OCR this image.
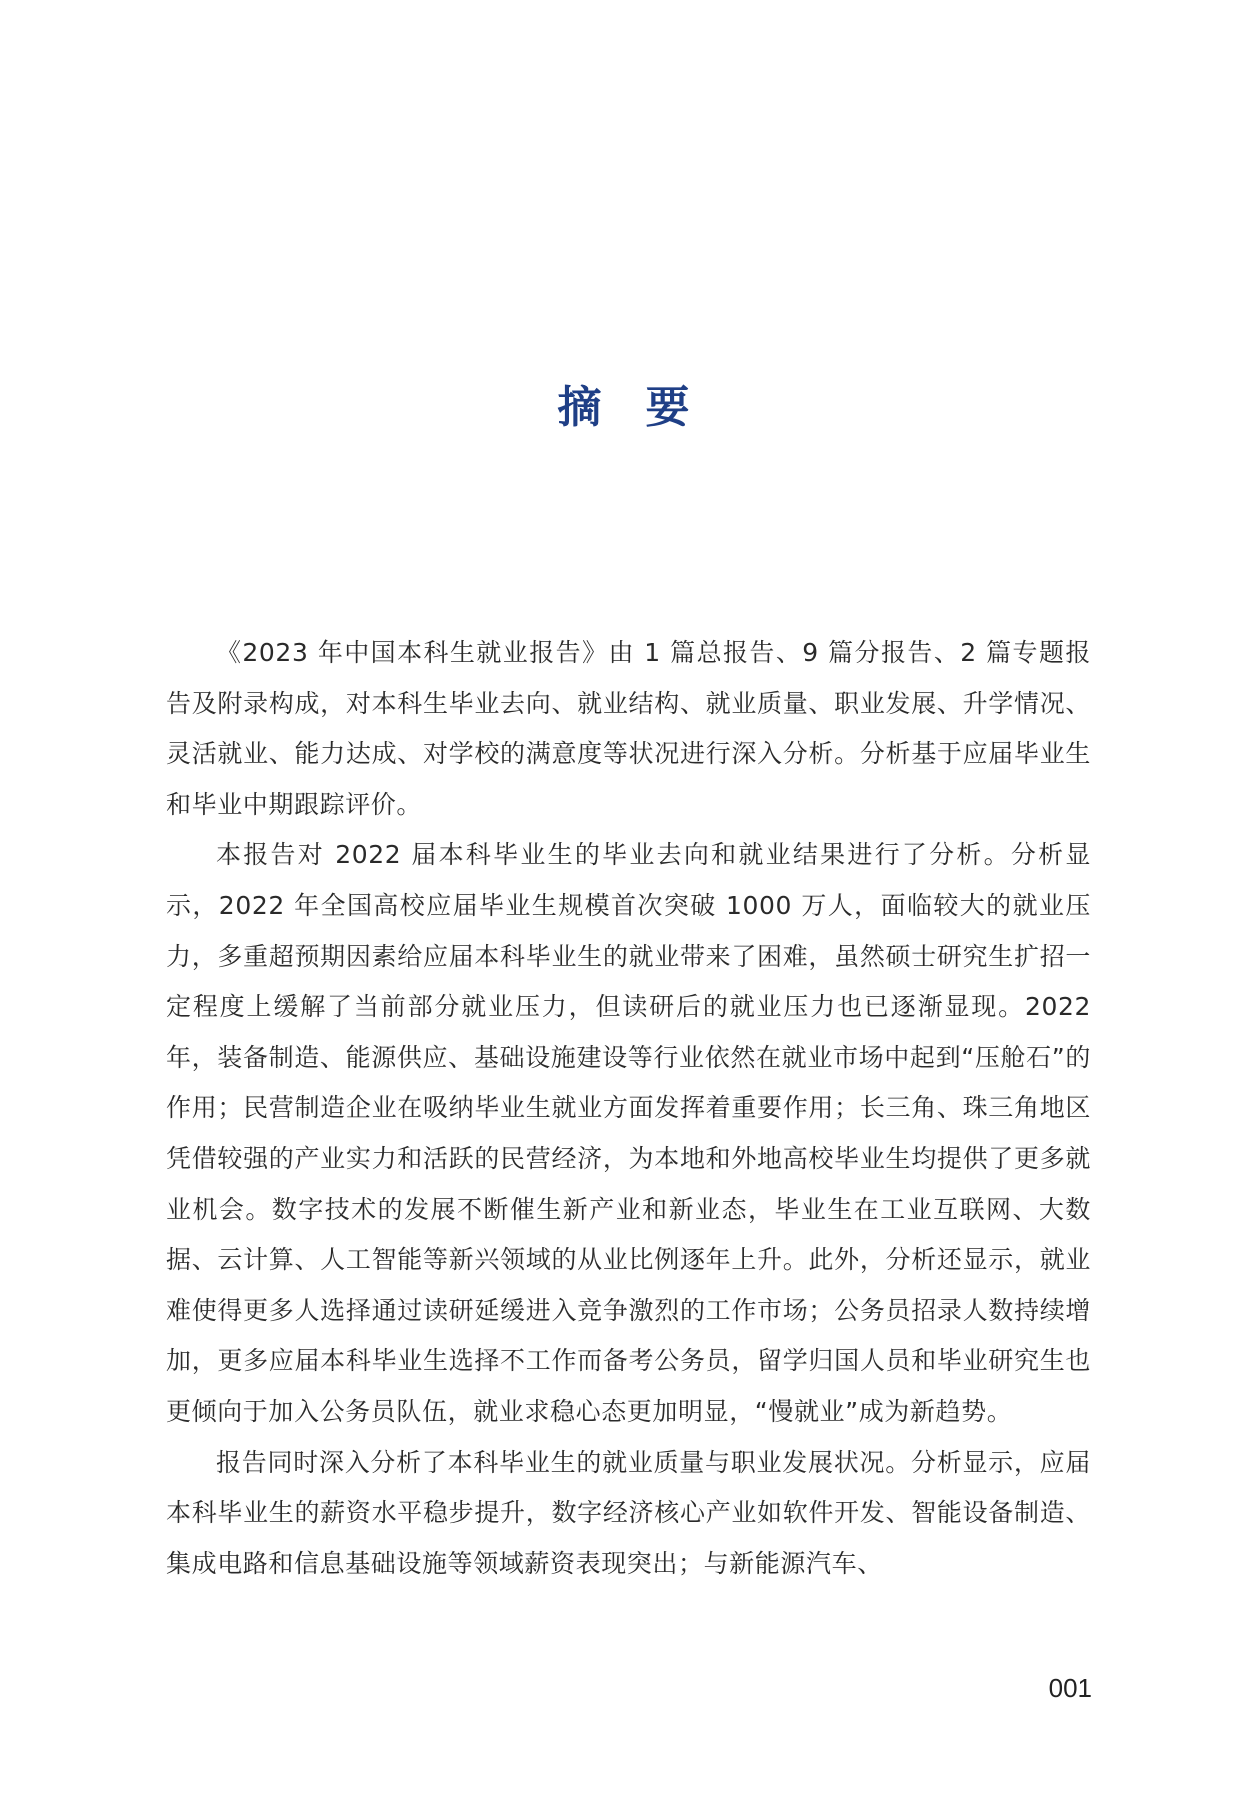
摘 要

《2023 年中国本科生就业报告》由 1 篇总报告、9 篇分报告、2 篇专题报告及附录构成，对本科生毕业去向、就业结构、就业质量、职业发展、升学情况、灵活就业、能力达成、对学校的满意度等状况进行深入分析。分析基于应届毕业生和毕业中期跟踪评价。

本报告对 2022 届本科毕业生的毕业去向和就业结果进行了分析。分析显示，2022 年全国高校应届毕业生规模首次突破 1000 万人，面临较大的就业压力，多重超预期因素给应届本科毕业生的就业带来了困难，虽然硕士研究生扩招一定程度上缓解了当前部分就业压力，但读研后的就业压力也已逐渐显现。2022 年，装备制造、能源供应、基础设施建设等行业依然在就业市场中起到“压舱石”的作用；民营制造企业在吸纳毕业生就业方面发挥着重要作用；长三角、珠三角地区凭借较强的产业实力和活跃的民营经济，为本地和外地高校毕业生均提供了更多就业机会。数字技术的发展不断催生新产业和新业态，毕业生在工业互联网、大数据、云计算、人工智能等新兴领域的从业比例逐年上升。此外，分析还显示，就业难使得更多人选择通过读研延缓进入竞争激烈的工作市场；公务员招录人数持续增加，更多应届本科毕业生选择不工作而备考公务员，留学归国人员和毕业研究生也更倾向于加入公务员队伍，就业求稳心态更加明显，“慢就业”成为新趋势。

报告同时深入分析了本科毕业生的就业质量与职业发展状况。分析显示，应届本科毕业生的薪资水平稳步提升，数字经济核心产业如软件开发、智能设备制造、集成电路和信息基础设施等领域薪资表现突出；与新能源汽车、

001
